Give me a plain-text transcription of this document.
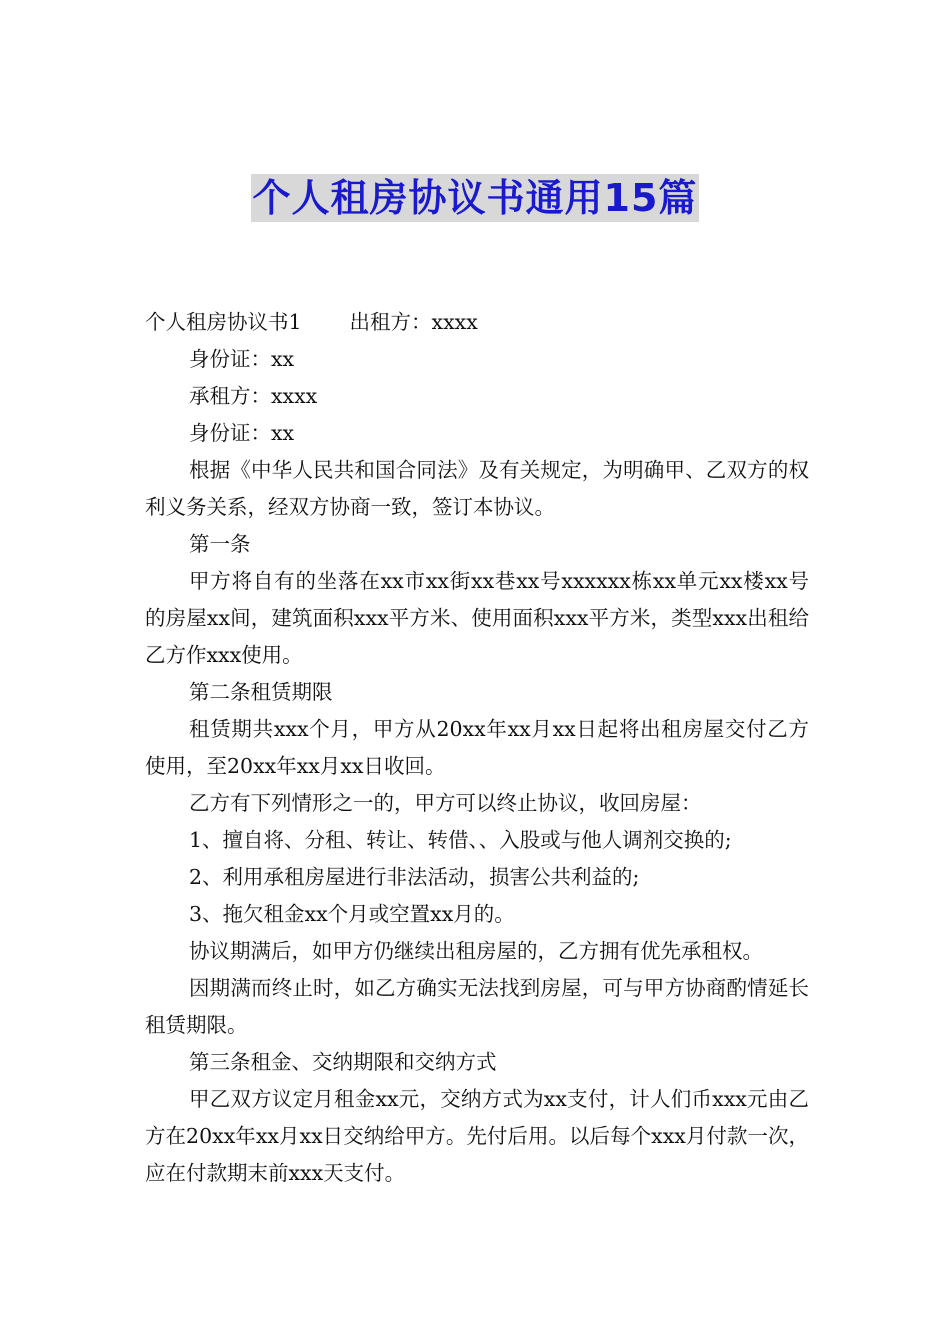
个人租房协议书通用15篇

个人租房协议书1 出租方：xxxx

身份证：xx

承租方：xxxx

身份证：xx

根据《中华人民共和国合同法》及有关规定，为明确甲、乙双方的权利义务关系，经双方协商一致，签订本协议。

第一条

甲方将自有的坐落在xx市xx街xx巷xx号xxxxxx栋xx单元xx楼xx号的房屋xx间，建筑面积xxx平方米、使用面积xxx平方米，类型xxx出租给乙方作xxx使用。

第二条租赁期限

租赁期共xxx个月，甲方从20xx年xx月xx日起将出租房屋交付乙方使用，至20xx年xx月xx日收回。

乙方有下列情形之一的，甲方可以终止协议，收回房屋：

1、擅自将、分租、转让、转借、、入股或与他人调剂交换的;

2、利用承租房屋进行非法活动，损害公共利益的;

3、拖欠租金xx个月或空置xx月的。

协议期满后，如甲方仍继续出租房屋的，乙方拥有优先承租权。

因期满而终止时，如乙方确实无法找到房屋，可与甲方协商酌情延长租赁期限。

第三条租金、交纳期限和交纳方式

甲乙双方议定月租金xx元，交纳方式为xx支付，计人们币xxx元由乙方在20xx年xx月xx日交纳给甲方。先付后用。以后每个xxx月付款一次，应在付款期末前xxx天支付。
